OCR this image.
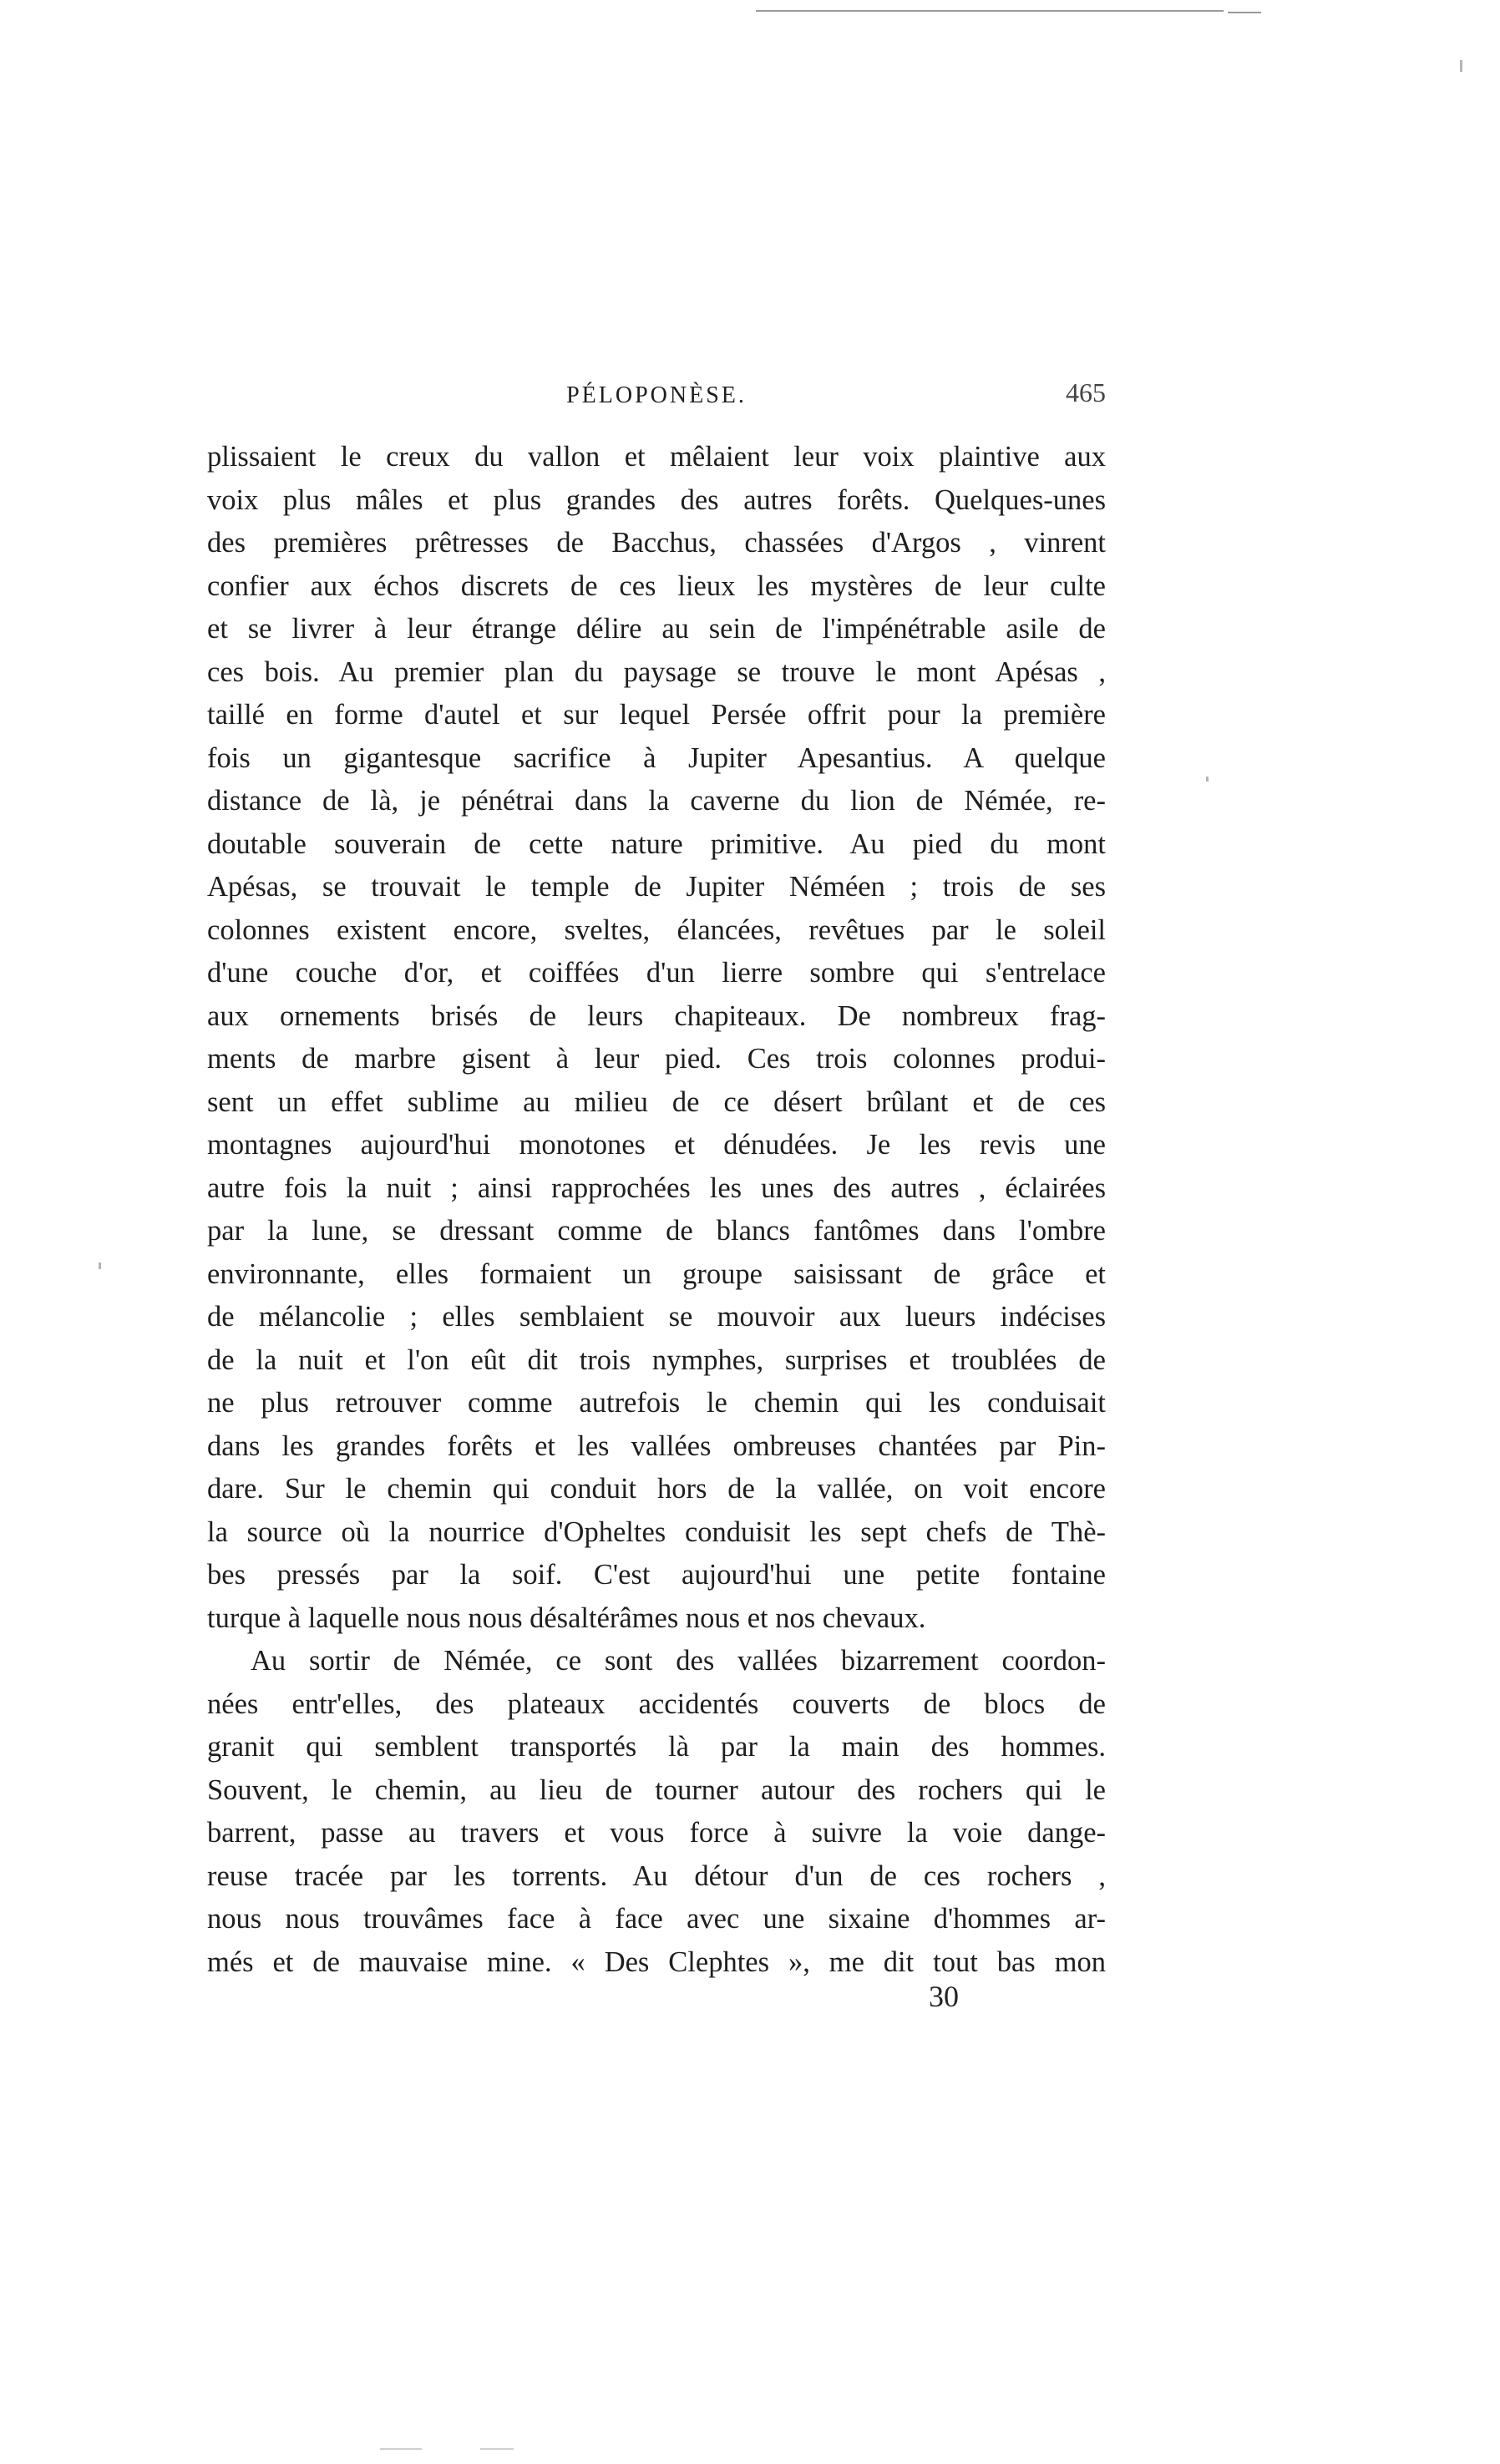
PÉLOPONÈSE.	465
plissaient le creux du vallon et mêlaient leur voix plaintive aux
voix plus mâles et plus grandes des autres forêts. Quelques-unes
des premières prêtresses de Bacchus, chassées d'Argos , vinrent
confier aux échos discrets de ces lieux les mystères de leur culte
et se livrer à leur étrange délire au sein de l'impénétrable asile de
ces bois. Au premier plan du paysage se trouve le mont Apésas ,
taillé en forme d'autel et sur lequel Persée offrit pour la première
fois un gigantesque sacrifice à Jupiter Apesantius. A quelque
distance de là, je pénétrai dans la caverne du lion de Némée, re-
doutable souverain de cette nature primitive. Au pied du mont
Apésas, se trouvait le temple de Jupiter Néméen ; trois de ses
colonnes existent encore, sveltes, élancées, revêtues par le soleil
d'une couche d'or, et coiffées d'un lierre sombre qui s'entrelace
aux ornements brisés de leurs chapiteaux. De nombreux frag-
ments de marbre gisent à leur pied. Ces trois colonnes produi-
sent un effet sublime au milieu de ce désert brûlant et de ces
montagnes aujourd'hui monotones et dénudées. Je les revis une
autre fois la nuit ; ainsi rapprochées les unes des autres , éclairées
par la lune, se dressant comme de blancs fantômes dans l'ombre
environnante, elles formaient un groupe saisissant de grâce et
de mélancolie ; elles semblaient se mouvoir aux lueurs indécises
de la nuit et l'on eût dit trois nymphes, surprises et troublées de
ne plus retrouver comme autrefois le chemin qui les conduisait
dans les grandes forêts et les vallées ombreuses chantées par Pin-
dare. Sur le chemin qui conduit hors de la vallée, on voit encore
la source où la nourrice d'Opheltes conduisit les sept chefs de Thè-
bes pressés par la soif. C'est aujourd'hui une petite fontaine
turque à laquelle nous nous désaltérâmes nous et nos chevaux.
Au sortir de Némée, ce sont des vallées bizarrement coordon-
nées entr'elles, des plateaux accidentés couverts de blocs de
granit qui semblent transportés là par la main des hommes.
Souvent, le chemin, au lieu de tourner autour des rochers qui le
barrent, passe au travers et vous force à suivre la voie dange-
reuse tracée par les torrents. Au détour d'un de ces rochers ,
nous nous trouvâmes face à face avec une sixaine d'hommes ar-
més et de mauvaise mine. « Des Clephtes », me dit tout bas mon
30
